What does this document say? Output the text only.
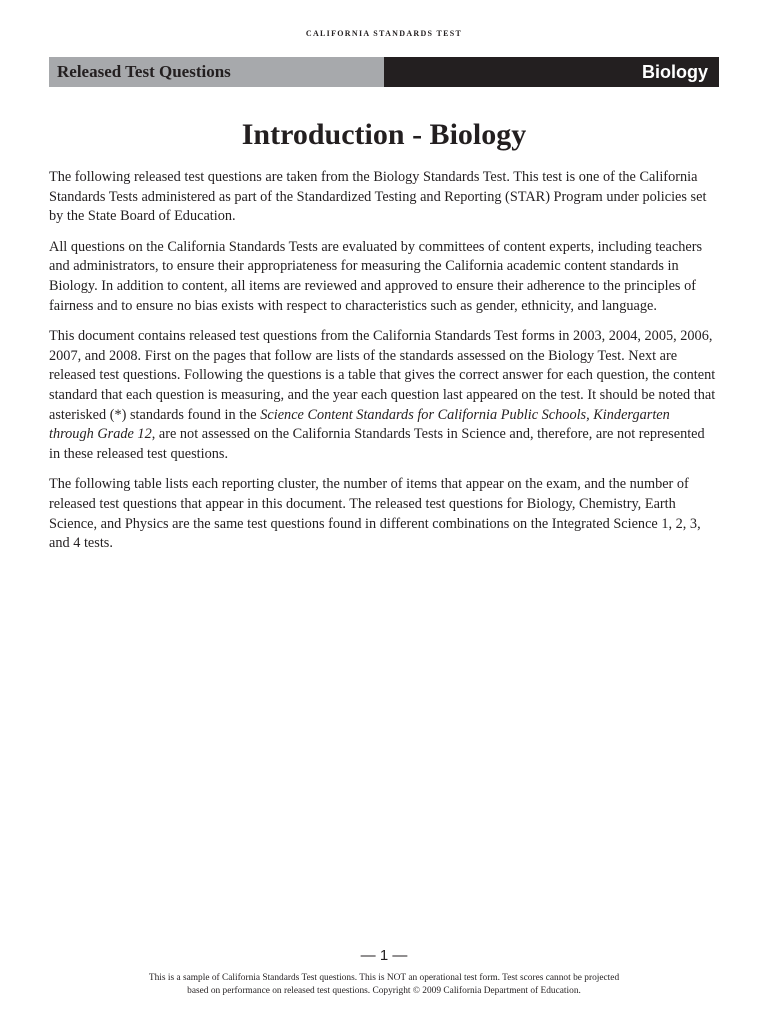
CALIFORNIA STANDARDS TEST
Released Test Questions	Biology
Introduction - Biology

The following released test questions are taken from the Biology Standards Test. This test is one of the California Standards Tests administered as part of the Standardized Testing and Reporting (STAR) Program under policies set by the State Board of Education.

All questions on the California Standards Tests are evaluated by committees of content experts, including teachers and administrators, to ensure their appropriateness for measuring the California academic content standards in Biology. In addition to content, all items are reviewed and approved to ensure their adherence to the principles of fairness and to ensure no bias exists with respect to characteristics such as gender, ethnicity, and language.

This document contains released test questions from the California Standards Test forms in 2003, 2004, 2005, 2006, 2007, and 2008. First on the pages that follow are lists of the standards assessed on the Biology Test. Next are released test questions. Following the questions is a table that gives the correct answer for each question, the content standard that each question is measuring, and the year each question last appeared on the test. It should be noted that asterisked (*) standards found in the Science Content Standards for California Public Schools, Kindergarten through Grade 12, are not assessed on the California Standards Tests in Science and, therefore, are not represented in these released test questions.

The following table lists each reporting cluster, the number of items that appear on the exam, and the number of released test questions that appear in this document. The released test questions for Biology, Chemistry, Earth Science, and Physics are the same test questions found in different combinations on the Integrated Science 1, 2, 3, and 4 tests.

— 1 —
This is a sample of California Standards Test questions. This is NOT an operational test form. Test scores cannot be projected
based on performance on released test questions. Copyright © 2009 California Department of Education.
